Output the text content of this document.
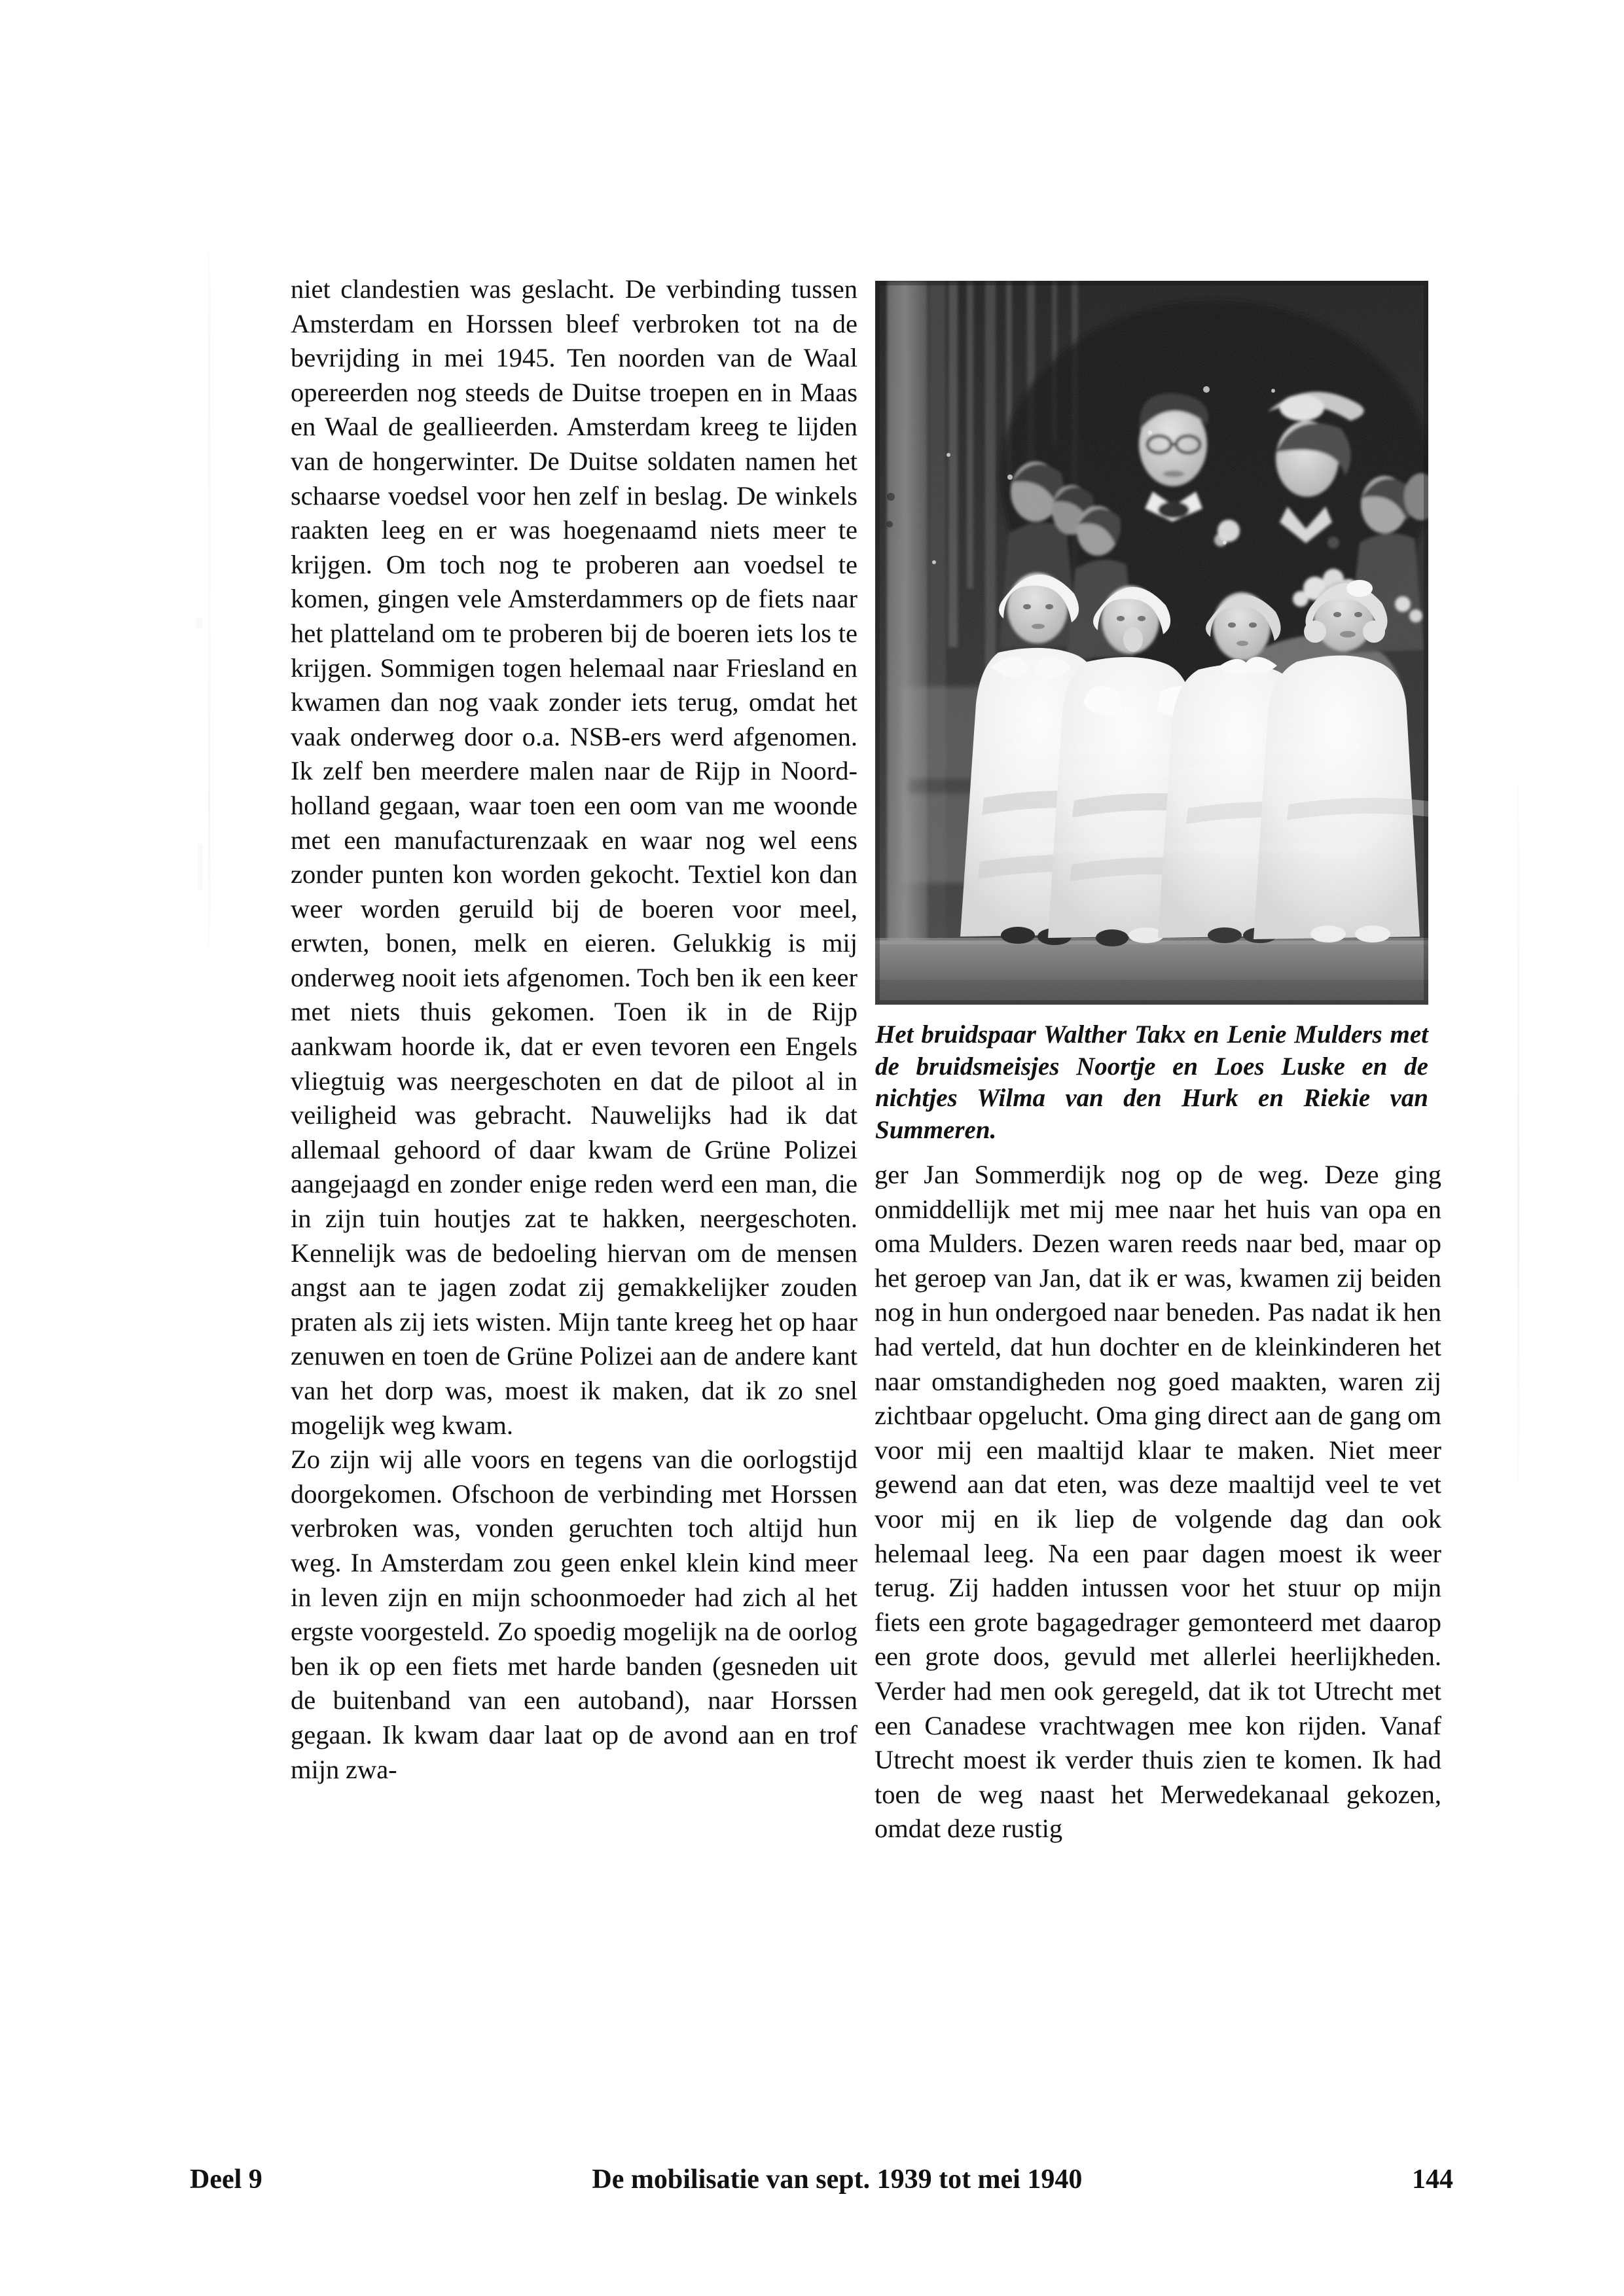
niet clandestien was geslacht. De verbinding tussen Amsterdam en Horssen bleef verbroken tot na de bevrijding in mei 1945. Ten noorden van de Waal opereerden nog steeds de Duitse troepen en in Maas en Waal de geallieerden. Amsterdam kreeg te lijden van de hongerwinter. De Duitse soldaten namen het schaarse voedsel voor hen zelf in beslag. De winkels raakten leeg en er was hoegenaamd niets meer te krijgen. Om toch nog te proberen aan voedsel te komen, gingen vele Amsterdammers op de fiets naar het platteland om te proberen bij de boeren iets los te krijgen. Sommigen togen helemaal naar Friesland en kwamen dan nog vaak zonder iets terug, omdat het vaak onderweg door o.a. NSB-ers werd afgenomen. Ik zelf ben meerdere malen naar de Rijp in Noord-holland gegaan, waar toen een oom van me woonde met een manufacturenzaak en waar nog wel eens zonder punten kon worden gekocht. Textiel kon dan weer worden geruild bij de boeren voor meel, erwten, bonen, melk en eieren. Gelukkig is mij onderweg nooit iets afgenomen. Toch ben ik een keer met niets thuis gekomen. Toen ik in de Rijp aankwam hoorde ik, dat er even tevoren een Engels vliegtuig was neergeschoten en dat de piloot al in veiligheid was gebracht. Nauwelijks had ik dat allemaal gehoord of daar kwam de Grüne Polizei aangejaagd en zonder enige reden werd een man, die in zijn tuin houtjes zat te hakken, neergeschoten. Kennelijk was de bedoeling hiervan om de mensen angst aan te jagen zodat zij gemakkelijker zouden praten als zij iets wisten. Mijn tante kreeg het op haar zenuwen en toen de Grüne Polizei aan de andere kant van het dorp was, moest ik maken, dat ik zo snel mogelijk weg kwam.

Zo zijn wij alle voors en tegens van die oorlogstijd doorgekomen. Ofschoon de verbinding met Horssen verbroken was, vonden geruchten toch altijd hun weg. In Amsterdam zou geen enkel klein kind meer in leven zijn en mijn schoonmoeder had zich al het ergste voorgesteld. Zo spoedig mogelijk na de oorlog ben ik op een fiets met harde banden (gesneden uit de buitenband van een autoband), naar Horssen gegaan. Ik kwam daar laat op de avond aan en trof mijn zwa-

Het bruidspaar Walther Takx en Lenie Mulders met de bruidsmeisjes Noortje en Loes Luske en de nichtjes Wilma van den Hurk en Riekie van Summeren.

ger Jan Sommerdijk nog op de weg. Deze ging onmiddellijk met mij mee naar het huis van opa en oma Mulders. Dezen waren reeds naar bed, maar op het geroep van Jan, dat ik er was, kwamen zij beiden nog in hun ondergoed naar beneden. Pas nadat ik hen had verteld, dat hun dochter en de kleinkinderen het naar omstandigheden nog goed maakten, waren zij zichtbaar opgelucht. Oma ging direct aan de gang om voor mij een maaltijd klaar te maken. Niet meer gewend aan dat eten, was deze maaltijd veel te vet voor mij en ik liep de volgende dag dan ook helemaal leeg. Na een paar dagen moest ik weer terug. Zij hadden intussen voor het stuur op mijn fiets een grote bagagedrager gemonteerd met daarop een grote doos, gevuld met allerlei heerlijkheden. Verder had men ook geregeld, dat ik tot Utrecht met een Canadese vrachtwagen mee kon rijden. Vanaf Utrecht moest ik verder thuis zien te komen. Ik had toen de weg naast het Merwedekanaal gekozen, omdat deze rustig

Deel 9	De mobilisatie van sept. 1939 tot mei 1940	144
